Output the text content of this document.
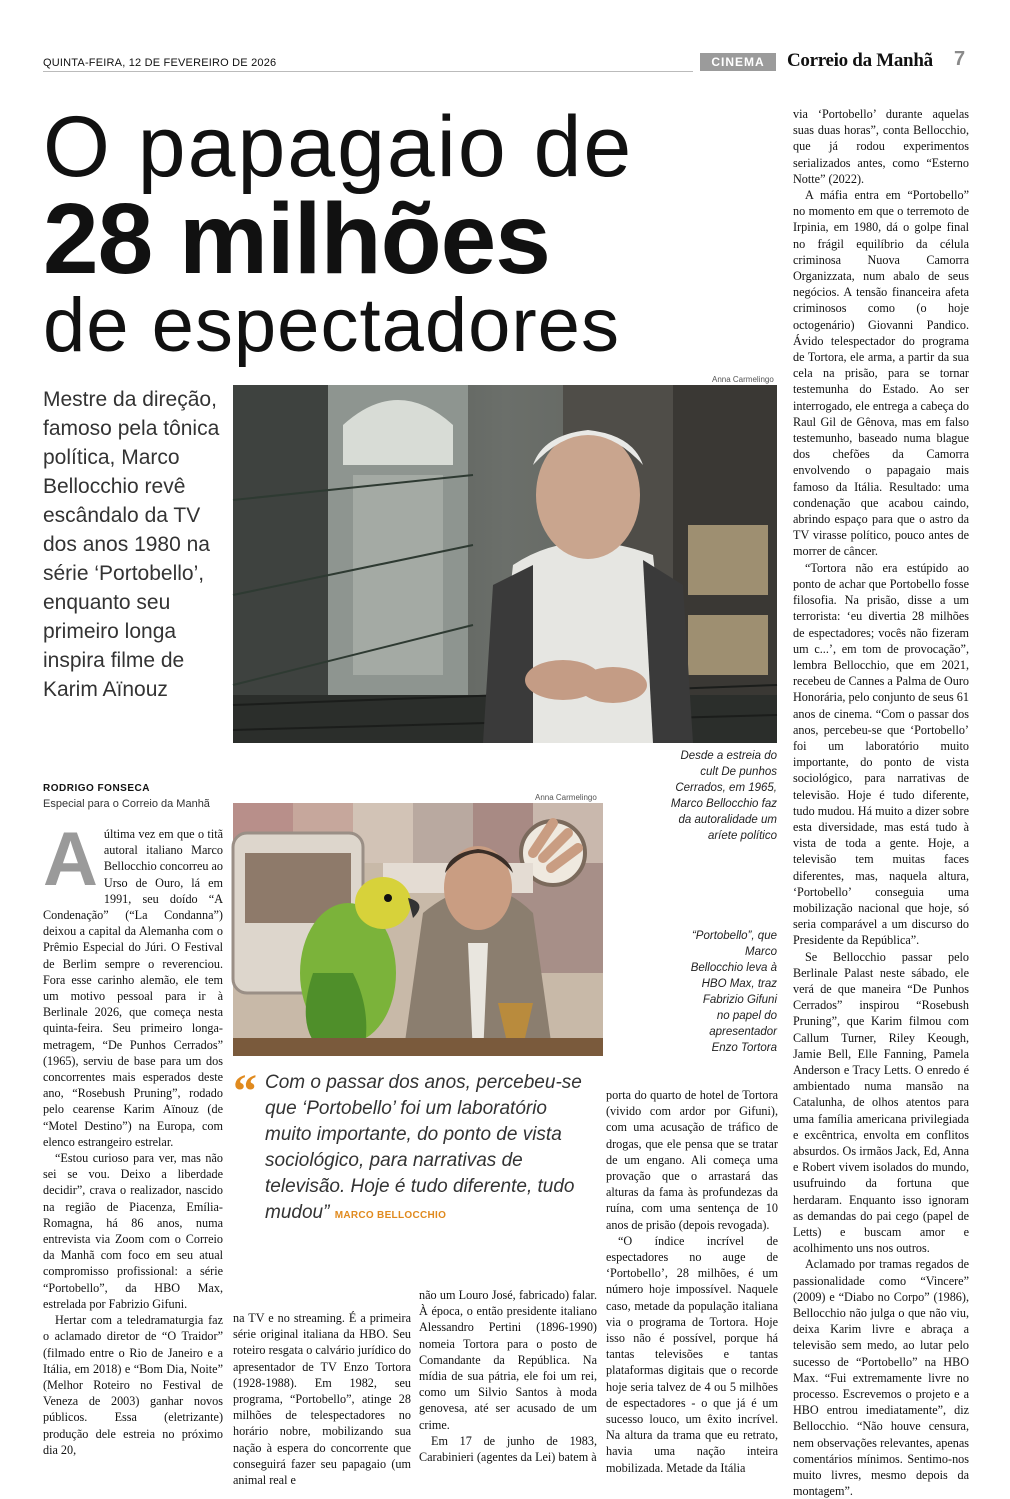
QUINTA-FEIRA, 12 DE FEVEREIRO DE 2026	CINEMA	Correio da Manhã 7
O papagaio de
28 milhões
de espectadores
Mestre da direção, famoso pela tônica política, Marco Bellocchio revê escândalo da TV dos anos 1980 na série ‘Portobello’, enquanto seu primeiro longa inspira filme de Karim Aïnouz
Anna Carmelingo
Desde a estreia do cult De punhos Cerrados, em 1965, Marco Bellocchio faz da autoralidade um aríete político
Anna Carmelingo
“Portobello”, que Marco Bellocchio leva à HBO Max, traz Fabrizio Gifuni no papel do apresentador Enzo Tortora
RODRIGO FONSECA
Especial para o Correio da Manhã
A última vez em que o titã autoral italiano Marco Bellocchio concorreu ao Urso de Ouro, lá em 1991, seu doído “A Condenação” (“La Condanna”) deixou a capital da Alemanha com o Prêmio Especial do Júri. O Festival de Berlim sempre o reverenciou. Fora esse carinho alemão, ele tem um motivo pessoal para ir à Berlinale 2026, que começa nesta quinta-feira. Seu primeiro longa-metragem, “De Punhos Cerrados” (1965), serviu de base para um dos concorrentes mais esperados deste ano, “Rosebush Pruning”, rodado pelo cearense Karim Aïnouz (de “Motel Destino”) na Europa, com elenco estrangeiro estrelar.

“Estou curioso para ver, mas não sei se vou. Deixo a liberdade decidir”, crava o realizador, nascido na região de Piacenza, Emília-Romagna, há 86 anos, numa entrevista via Zoom com o Correio da Manhã com foco em seu atual compromisso profissional: a série “Portobello”, da HBO Max, estrelada por Fabrizio Gifuni.

Hertar com a teledramaturgia faz o aclamado diretor de “O Traidor” (filmado entre o Rio de Janeiro e a Itália, em 2018) e “Bom Dia, Noite” (Melhor Roteiro no Festival de Veneza de 2003) ganhar novos públicos. Essa (eletrizante) produção dele estreia no próximo dia 20,

“ Com o passar dos anos, percebeu-se que ‘Portobello’ foi um laboratório muito importante, do ponto de vista sociológico, para narrativas de televisão. Hoje é tudo diferente, tudo mudou” MARCO BELLOCCHIO

na TV e no streaming. É a primeira série original italiana da HBO. Seu roteiro resgata o calvário jurídico do apresentador de TV Enzo Tortora (1928-1988). Em 1982, seu programa, “Portobello”, atinge 28 milhões de telespectadores no horário nobre, mobilizando sua nação à espera do concorrente que conseguirá fazer seu papagaio (um animal real e

não um Louro José, fabricado) falar. À época, o então presidente italiano Alessandro Pertini (1896-1990) nomeia Tortora para o posto de Comandante da República. Na mídia de sua pátria, ele foi um rei, como um Silvio Santos à moda genovesa, até ser acusado de um crime.

Em 17 de junho de 1983, Carabinieri (agentes da Lei) batem à

porta do quarto de hotel de Tortora (vivido com ardor por Gifuni), com uma acusação de tráfico de drogas, que ele pensa que se tratar de um engano. Ali começa uma provação que o arrastará das alturas da fama às profundezas da ruína, com uma sentença de 10 anos de prisão (depois revogada).

“O índice incrível de espectadores no auge de ‘Portobello’, 28 milhões, é um número hoje impossível. Naquele caso, metade da população italiana via o programa de Tortora. Hoje isso não é possível, porque há tantas televisões e tantas plataformas digitais que o recorde hoje seria talvez de 4 ou 5 milhões de espectadores - o que já é um sucesso louco, um êxito incrível. Na altura da trama que eu retrato, havia uma nação inteira mobilizada. Metade da Itália

via ‘Portobello’ durante aquelas suas duas horas”, conta Bellocchio, que já rodou experimentos serializados antes, como “Esterno Notte” (2022).

A máfia entra em “Portobello” no momento em que o terremoto de Irpinia, em 1980, dá o golpe final no frágil equilíbrio da célula criminosa Nuova Camorra Organizzata, num abalo de seus negócios. A tensão financeira afeta criminosos como (o hoje octogenário) Giovanni Pandico. Ávido telespectador do programa de Tortora, ele arma, a partir da sua cela na prisão, para se tornar testemunha do Estado. Ao ser interrogado, ele entrega a cabeça do Raul Gil de Gênova, mas em falso testemunho, baseado numa blague dos chefões da Camorra envolvendo o papagaio mais famoso da Itália. Resultado: uma condenação que acabou caindo, abrindo espaço para que o astro da TV virasse político, pouco antes de morrer de câncer.

“Tortora não era estúpido ao ponto de achar que Portobello fosse filosofia. Na prisão, disse a um terrorista: ‘eu divertia 28 milhões de espectadores; vocês não fizeram um c...’, em tom de provocação”, lembra Bellocchio, que em 2021, recebeu de Cannes a Palma de Ouro Honorária, pelo conjunto de seus 61 anos de cinema. “Com o passar dos anos, percebeu-se que ‘Portobello’ foi um laboratório muito importante, do ponto de vista sociológico, para narrativas de televisão. Hoje é tudo diferente, tudo mudou. Há muito a dizer sobre esta diversidade, mas está tudo à vista de toda a gente. Hoje, a televisão tem muitas faces diferentes, mas, naquela altura, ‘Portobello’ conseguia uma mobilização nacional que hoje, só seria comparável a um discurso do Presidente da República”.

Se Bellocchio passar pelo Berlinale Palast neste sábado, ele verá de que maneira “De Punhos Cerrados” inspirou “Rosebush Pruning”, que Karim filmou com Callum Turner, Riley Keough, Jamie Bell, Elle Fanning, Pamela Anderson e Tracy Letts. O enredo é ambientado numa mansão na Catalunha, de olhos atentos para uma família americana privilegiada e excêntrica, envolta em conflitos absurdos. Os irmãos Jack, Ed, Anna e Robert vivem isolados do mundo, usufruindo da fortuna que herdaram. Enquanto isso ignoram as demandas do pai cego (papel de Letts) e buscam amor e acolhimento uns nos outros.

Aclamado por tramas regados de passionalidade como “Vincere” (2009) e “Diabo no Corpo” (1986), Bellocchio não julga o que não viu, deixa Karim livre e abraça a televisão sem medo, ao lutar pelo sucesso de “Portobello” na HBO Max. “Fui extremamente livre no processo. Escrevemos o projeto e a HBO entrou imediatamente”, diz Bellocchio. “Não houve censura, nem observações relevantes, apenas comentários mínimos. Sentimo-nos muito livres, mesmo depois da montagem”.
